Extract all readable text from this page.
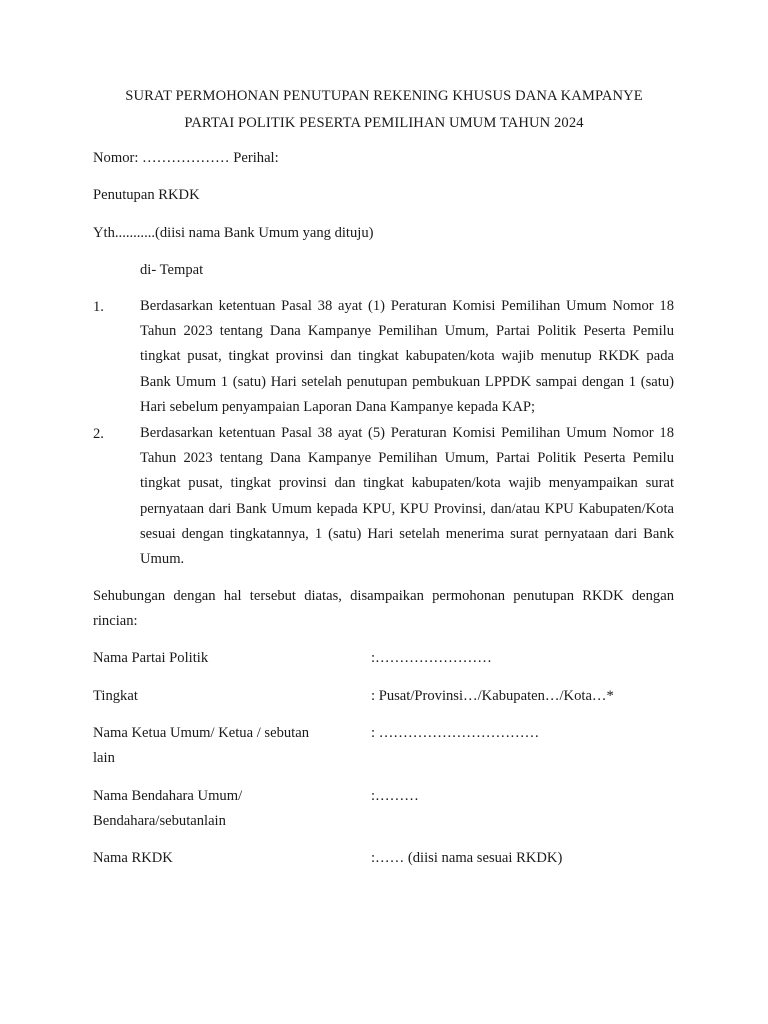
SURAT PERMOHONAN PENUTUPAN REKENING KHUSUS DANA KAMPANYE
PARTAI POLITIK PESERTA PEMILIHAN UMUM TAHUN 2024
Nomor: ……………… Perihal:
Penutupan RKDK
Yth...........(diisi nama Bank Umum yang dituju)
di- Tempat
1. Berdasarkan ketentuan Pasal 38 ayat (1) Peraturan Komisi Pemilihan Umum Nomor 18 Tahun 2023 tentang Dana Kampanye Pemilihan Umum, Partai Politik Peserta Pemilu tingkat pusat, tingkat provinsi dan tingkat kabupaten/kota wajib menutup RKDK pada Bank Umum 1 (satu) Hari setelah penutupan pembukuan LPPDK sampai dengan 1 (satu) Hari sebelum penyampaian Laporan Dana Kampanye kepada KAP;
2. Berdasarkan ketentuan Pasal 38 ayat (5) Peraturan Komisi Pemilihan Umum Nomor 18 Tahun 2023 tentang Dana Kampanye Pemilihan Umum, Partai Politik Peserta Pemilu tingkat pusat, tingkat provinsi dan tingkat kabupaten/kota wajib menyampaikan surat pernyataan dari Bank Umum kepada KPU, KPU Provinsi, dan/atau KPU Kabupaten/Kota sesuai dengan tingkatannya, 1 (satu) Hari setelah menerima surat pernyataan dari Bank Umum.
Sehubungan dengan hal tersebut diatas, disampaikan permohonan penutupan RKDK dengan rincian:
Nama Partai Politik	:……………………
Tingkat	: Pusat/Provinsi…/Kabupaten…/Kota…*
Nama Ketua Umum/ Ketua / sebutan lain
: ……………………………
Nama Bendahara Umum/ Bendahara/sebutanlain
:………
Nama RKDK	:…… (diisi nama sesuai RKDK)
